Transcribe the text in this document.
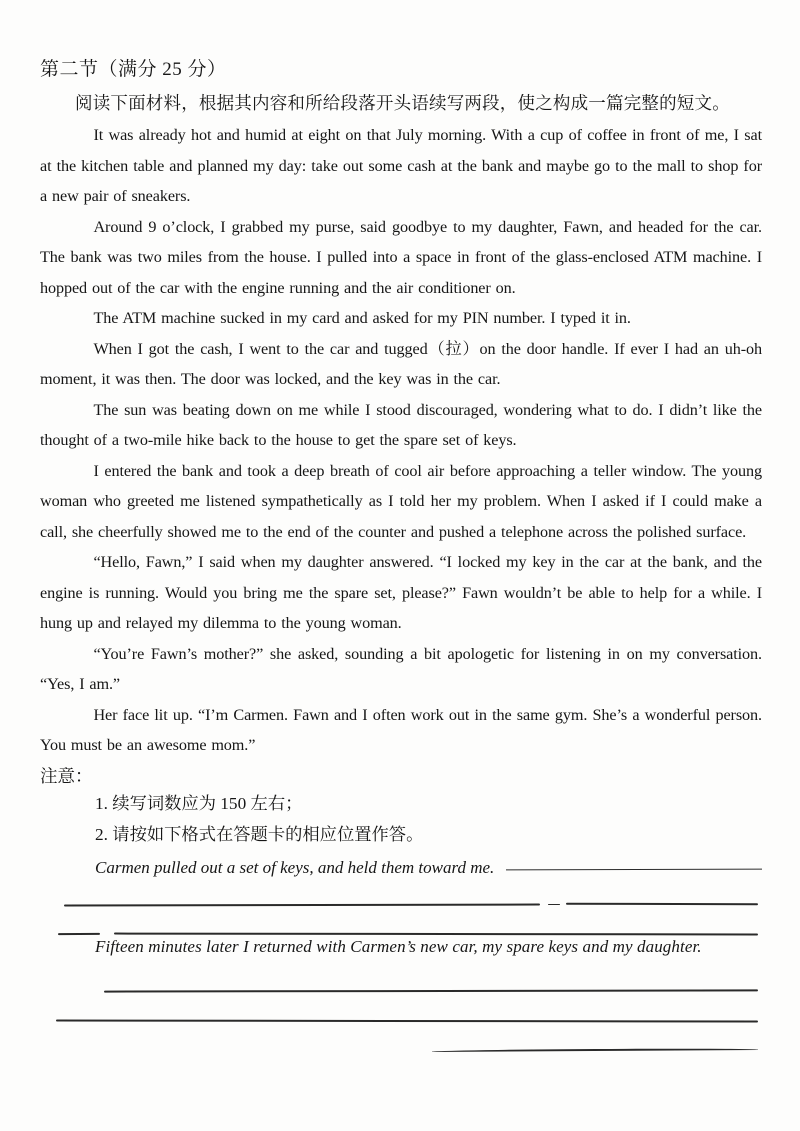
第二节（满分 25 分）

阅读下面材料，根据其内容和所给段落开头语续写两段，使之构成一篇完整的短文。

It was already hot and humid at eight on that July morning. With a cup of coffee in front of me, I sat at the kitchen table and planned my day: take out some cash at the bank and maybe go to the mall to shop for a new pair of sneakers.

Around 9 o’clock, I grabbed my purse, said goodbye to my daughter, Fawn, and headed for the car. The bank was two miles from the house. I pulled into a space in front of the glass-enclosed ATM machine. I hopped out of the car with the engine running and the air conditioner on.

The ATM machine sucked in my card and asked for my PIN number. I typed it in.

When I got the cash, I went to the car and tugged（拉）on the door handle. If ever I had an uh-oh moment, it was then. The door was locked, and the key was in the car.

The sun was beating down on me while I stood discouraged, wondering what to do. I didn’t like the thought of a two-mile hike back to the house to get the spare set of keys.

I entered the bank and took a deep breath of cool air before approaching a teller window. The young woman who greeted me listened sympathetically as I told her my problem. When I asked if I could make a call, she cheerfully showed me to the end of the counter and pushed a telephone across the polished surface.

“Hello, Fawn,” I said when my daughter answered. “I locked my key in the car at the bank, and the engine is running. Would you bring me the spare set, please?” Fawn wouldn’t be able to help for a while. I hung up and relayed my dilemma to the young woman.

“You’re Fawn’s mother?” she asked, sounding a bit apologetic for listening in on my conversation. “Yes, I am.”

Her face lit up. “I’m Carmen. Fawn and I often work out in the same gym. She’s a wonderful person. You must be an awesome mom.”

注意：

1. 续写词数应为 150 左右；

2. 请按如下格式在答题卡的相应位置作答。

Carmen pulled out a set of keys, and held them toward me.
Fifteen minutes later I returned with Carmen’s new car, my spare keys and my daughter.
